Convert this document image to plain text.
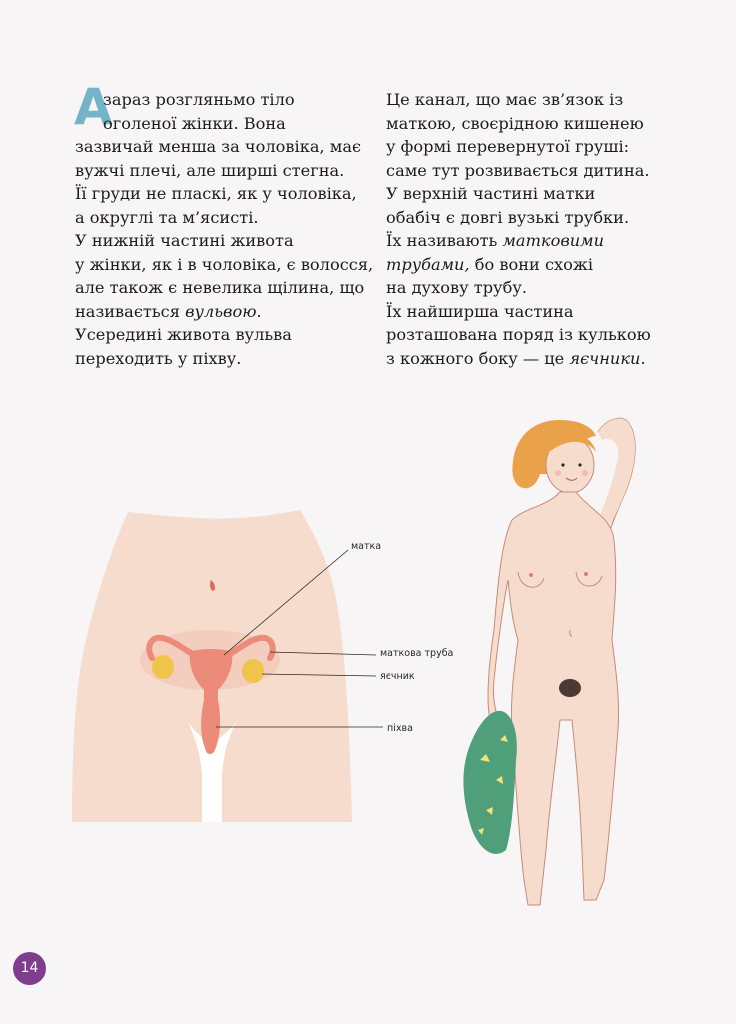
А
зараз розгляньмо тіло
оголеної жінки. Вона
зазвичай менша за чоловіка, має
вужчі плечі, але ширші стегна.
Її груди не пласкі, як у чоловіка,
а округлі та м’ясисті.
У нижній частині живота
у жінки, як і в чоловіка, є волосся,
але також є невелика щілина, що
називається вульвою.
Усередині живота вульва
переходить у піхву.
Це канал, що має зв’язок із
маткою, своєрідною кишенею
у формі перевернутої груші:
саме тут розвивається дитина.
У верхній частині матки
обабіч є довгі вузькі трубки.
Їх називають матковими
трубами, бо вони схожі
на духову трубу.
Їх найширша частина
розташована поряд із кулькою
з кожного боку — це яєчники.
матка
маткова труба
яєчник
піхва
14
